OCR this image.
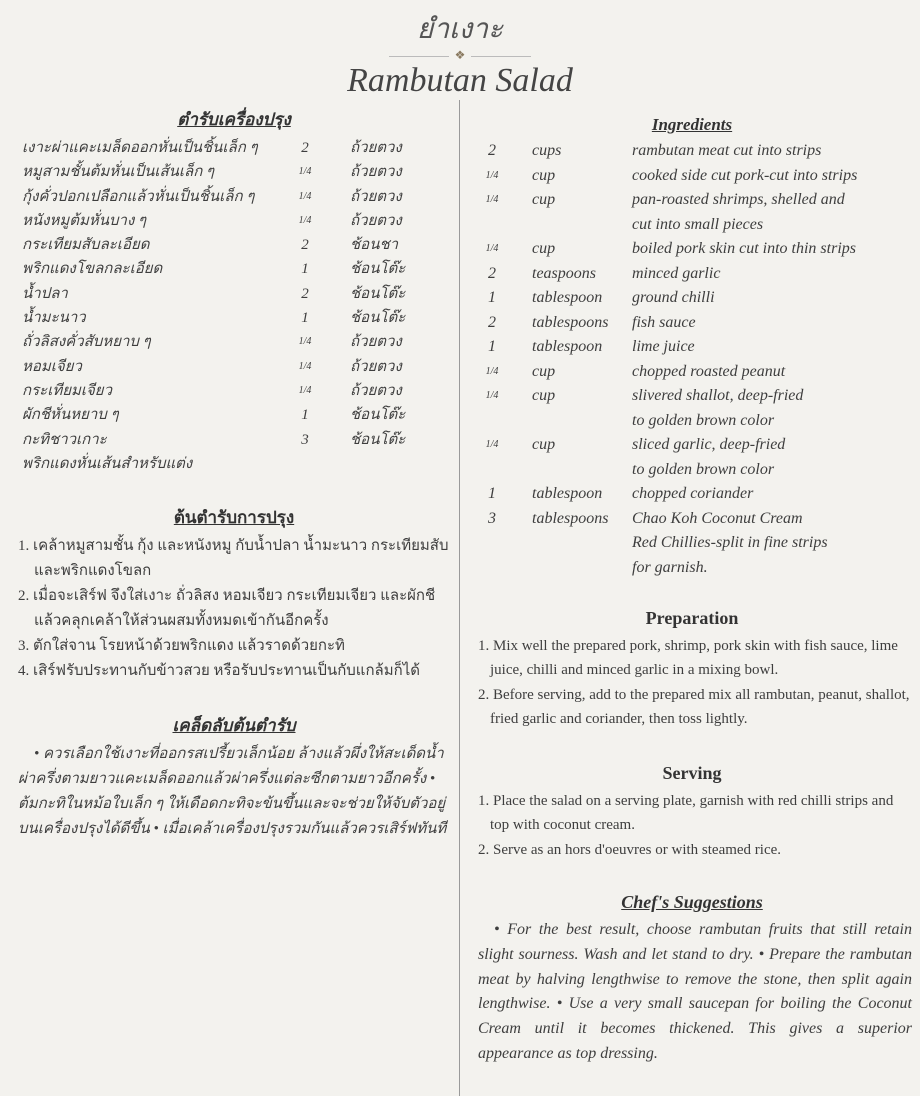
ยำเงาะ
❖
Rambutan Salad
ตำรับเครื่องปรุง
เงาะผ่าแคะเมล็ดออกหั่นเป็นชิ้นเล็ก ๆ	2	ถ้วยตวง
หมูสามชั้นต้มหั่นเป็นเส้นเล็ก ๆ	1/4	ถ้วยตวง
กุ้งคั่วปอกเปลือกแล้วหั่นเป็นชิ้นเล็ก ๆ	1/4	ถ้วยตวง
หนังหมูต้มหั่นบาง ๆ	1/4	ถ้วยตวง
กระเทียมสับละเอียด	2	ช้อนชา
พริกแดงโขลกละเอียด	1	ช้อนโต๊ะ
น้ำปลา	2	ช้อนโต๊ะ
น้ำมะนาว	1	ช้อนโต๊ะ
ถั่วลิสงคั่วสับหยาบ ๆ	1/4	ถ้วยตวง
หอมเจียว	1/4	ถ้วยตวง
กระเทียมเจียว	1/4	ถ้วยตวง
ผักชีหั่นหยาบ ๆ	1	ช้อนโต๊ะ
กะทิชาวเกาะ	3	ช้อนโต๊ะ
พริกแดงหั่นเส้นสำหรับแต่ง
ต้นตำรับการปรุง
1. เคล้าหมูสามชั้น กุ้ง และหนังหมู กับน้ำปลา น้ำมะนาว กระเทียมสับ และพริกแดงโขลก
2. เมื่อจะเสิร์ฟ จึงใส่เงาะ ถั่วลิสง หอมเจียว กระเทียมเจียว และผักชี แล้วคลุกเคล้าให้ส่วนผสมทั้งหมดเข้ากันอีกครั้ง
3. ตักใส่จาน โรยหน้าด้วยพริกแดง แล้วราดด้วยกะทิ
4. เสิร์ฟรับประทานกับข้าวสวย หรือรับประทานเป็นกับแกล้มก็ได้
เคล็ดลับต้นตำรับ
• ควรเลือกใช้เงาะที่ออกรสเปรี้ยวเล็กน้อย ล้างแล้วผึ่งให้สะเด็ดน้ำ ผ่าครึ่งตามยาวแคะเมล็ดออกแล้วผ่าครึ่งแต่ละซีกตามยาวอีกครั้ง • ต้มกะทิในหม้อใบเล็ก ๆ ให้เดือดกะทิจะข้นขึ้นและจะช่วยให้จับตัวอยู่บนเครื่องปรุงได้ดีขึ้น • เมื่อเคล้าเครื่องปรุงรวมกันแล้วควรเสิร์ฟทันที
Ingredients
2	cups	rambutan meat cut into strips
1/4	cup	cooked side cut pork-cut into strips
1/4	cup	pan-roasted shrimps, shelled and
cut into small pieces
1/4	cup	boiled pork skin cut into thin strips
2	teaspoons	minced garlic
1	tablespoon	ground chilli
2	tablespoons	fish sauce
1	tablespoon	lime juice
1/4	cup	chopped roasted peanut
1/4	cup	slivered shallot, deep-fried
to golden brown color
1/4	cup	sliced garlic, deep-fried
to golden brown color
1	tablespoon	chopped coriander
3	tablespoons	Chao Koh Coconut Cream
Red Chillies-split in fine strips
for garnish.
Preparation
1. Mix well the prepared pork, shrimp, pork skin with fish sauce, lime juice, chilli and minced garlic in a mixing bowl.
2. Before serving, add to the prepared mix all rambutan, peanut, shallot, fried garlic and coriander, then toss lightly.
Serving
1. Place the salad on a serving plate, garnish with red chilli strips and top with coconut cream.
2. Serve as an hors d'oeuvres or with steamed rice.
Chef's Suggestions
• For the best result, choose rambutan fruits that still retain slight sourness. Wash and let stand to dry. • Prepare the rambutan meat by halving lengthwise to remove the stone, then split again lengthwise. • Use a very small saucepan for boiling the Coconut Cream until it becomes thickened. This gives a superior appearance as top dressing.
